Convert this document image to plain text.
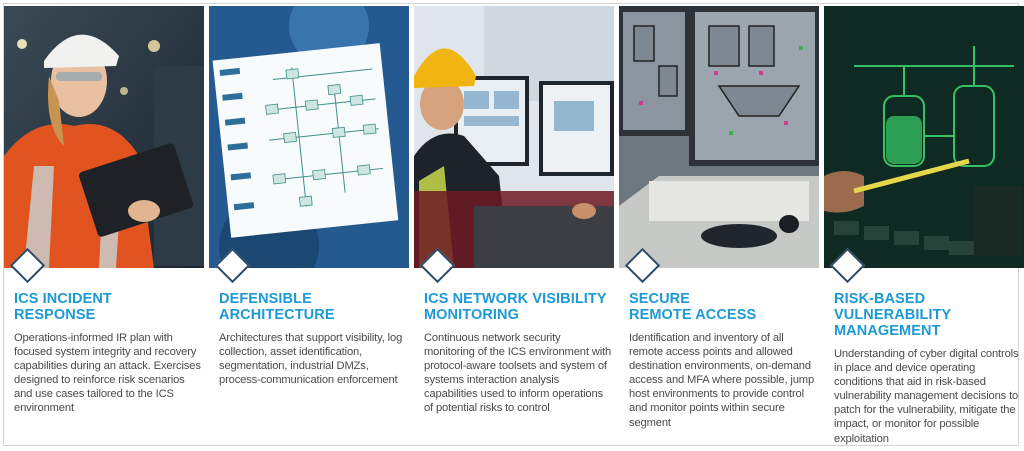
ICS INCIDENT
RESPONSE
Operations-informed IR plan with focused system integrity and recovery capabilities during an attack. Exercises designed to reinforce risk scenarios and use cases tailored to the ICS environment
DEFENSIBLE
ARCHITECTURE
Architectures that support visibility, log collection, asset identification, segmentation, industrial DMZs, process-communication enforcement
ICS NETWORK VISIBILITY
MONITORING
Continuous network security monitoring of the ICS environment with protocol-aware toolsets and system of systems interaction analysis capabilities used to inform operations of potential risks to control
SECURE
REMOTE ACCESS
Identification and inventory of all remote access points and allowed destination environments, on-demand access and MFA where possible, jump host environments to provide control and monitor points within secure segment
RISK-BASED
VULNERABILITY
MANAGEMENT
Understanding of cyber digital controls in place and device operating conditions that aid in risk-based vulnerability management decisions to patch for the vulnerability, mitigate the impact, or monitor for possible exploitation
